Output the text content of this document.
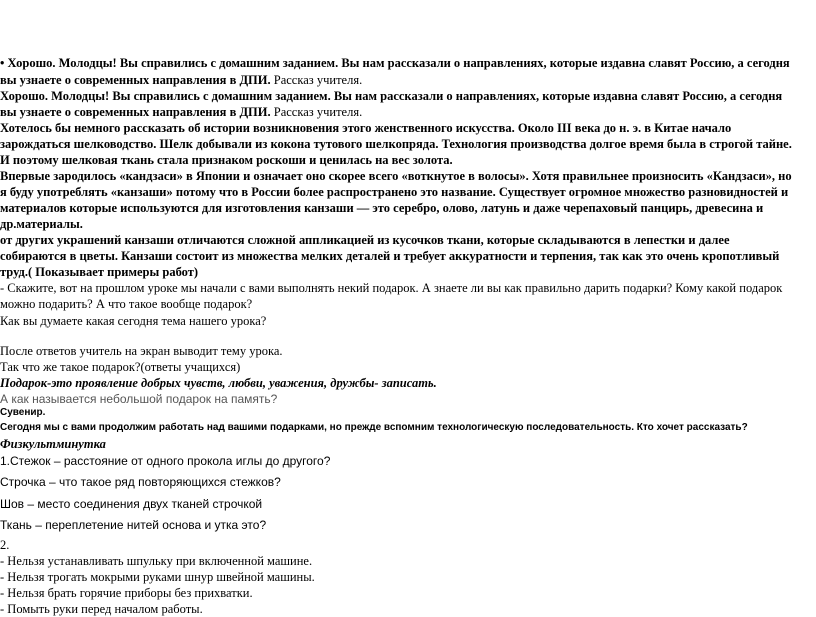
• Хорошо. Молодцы! Вы справились с домашним заданием. Вы нам рассказали о направлениях, которые издавна славят Россию, а сегодня
вы узнаете о современных направления в ДПИ. Рассказ учителя.
Хорошо. Молодцы! Вы справились с домашним заданием. Вы нам рассказали о направлениях, которые издавна славят Россию, а сегодня
вы узнаете о современных направления в ДПИ. Рассказ учителя.
Хотелось бы немного рассказать об истории возникновения этого женственного искусства. Около III века до н. э. в Китае начало
зарождаться шелководство. Шелк добывали из кокона тутового шелкопряда. Технология производства долгое время была в строгой тайне.
И поэтому шелковая ткань стала признаком роскоши и ценилась на вес золота.
Впервые зародилось «кандзаси» в Японии и означает оно скорее всего «воткнутое в волосы». Хотя правильнее произносить «Кандзаси», но
я буду употреблять «канзаши» потому что в России более распространено это название. Существует огромное множество разновидностей и
материалов которые используются для изготовления канзаши — это серебро, олово, латунь и даже черепаховый панцирь, древесина и
др.материалы.
от других украшений канзаши отличаются сложной аппликацией из кусочков ткани, которые складываются в лепестки и далее
собираются в цветы. Канзаши состоит из множества мелких деталей и требует аккуратности и терпения, так как это очень кропотливый
труд.( Показывает примеры работ)
- Скажите, вот на прошлом уроке мы начали с вами выполнять некий подарок. А знаете ли вы как правильно дарить подарки? Кому какой подарок
можно подарить? А что такое вообще подарок?
Как вы думаете какая сегодня тема нашего урока?
После ответов учитель на экран выводит тему урока.
Так что же такое подарок?(ответы учащихся)
Подарок-это проявление добрых чувств, любви, уважения, дружбы- записать.
А как называется небольшой подарок на память?
Сувенир.
Сегодня мы с вами продолжим работать над вашими подарками, но прежде вспомним технологическую последовательность. Кто хочет рассказать?
Физкультминутка
1.Стежок – расстояние от одного прокола иглы до другого?
Строчка – что такое ряд повторяющихся стежков?
Шов – место соединения двух тканей строчкой
Ткань – переплетение нитей основа и утка это?
2.
- Нельзя устанавливать шпульку при включенной машине.
- Нельзя трогать мокрыми руками шнур швейной машины.
- Нельзя брать горячие приборы без прихватки.
- Помыть руки перед началом работы.
